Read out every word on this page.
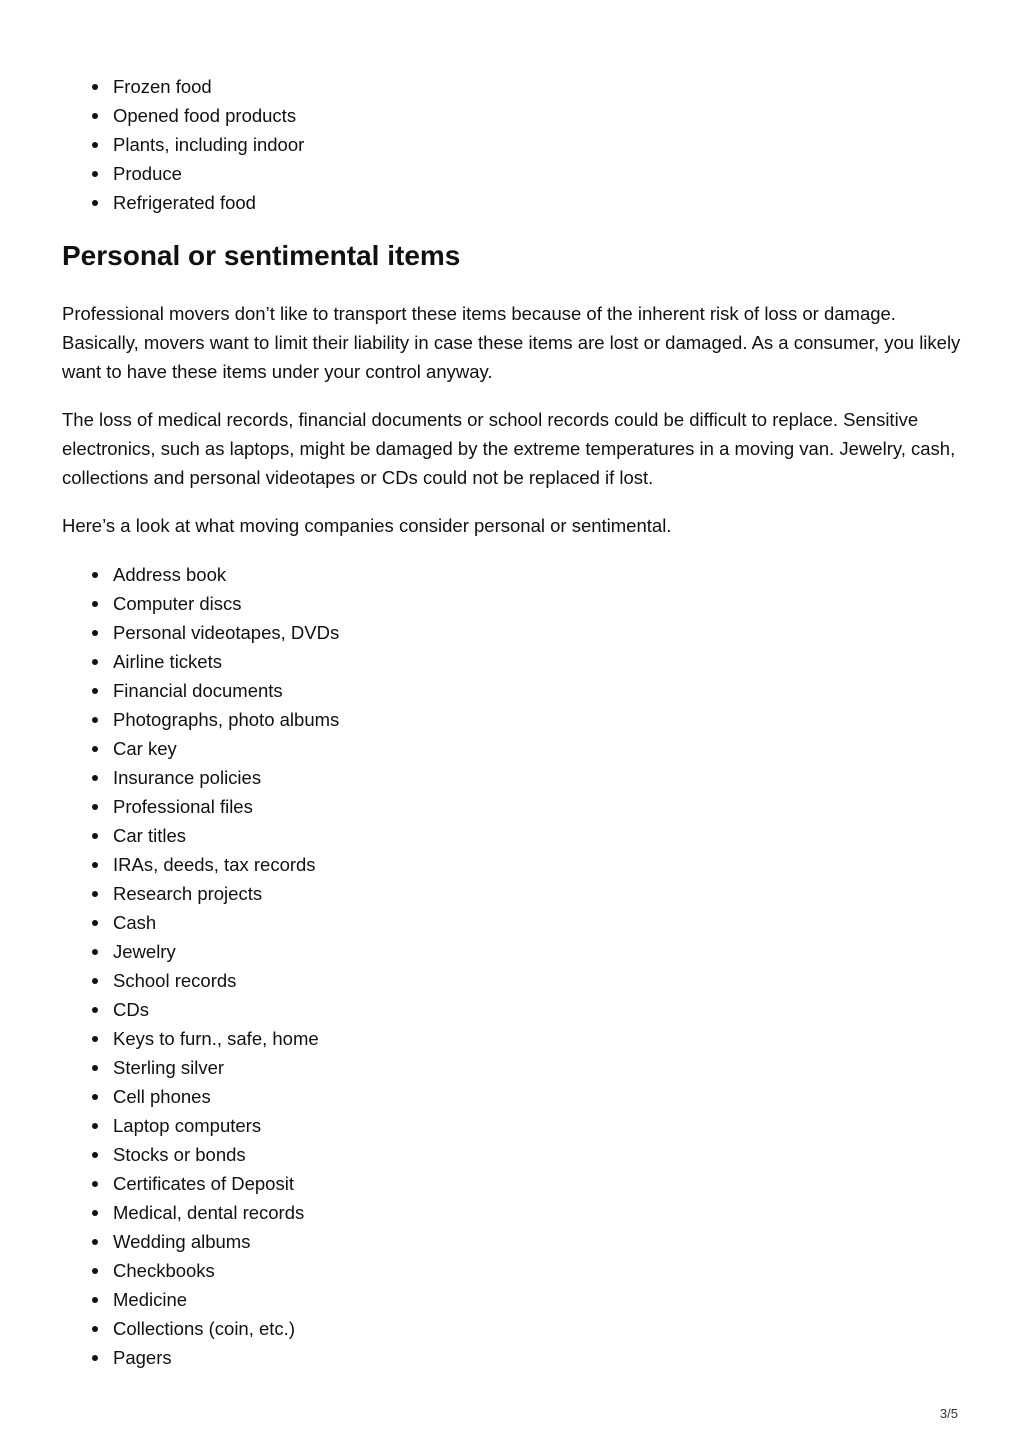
Frozen food
Opened food products
Plants, including indoor
Produce
Refrigerated food
Personal or sentimental items

Professional movers don’t like to transport these items because of the inherent risk of loss or damage. Basically, movers want to limit their liability in case these items are lost or damaged. As a consumer, you likely want to have these items under your control anyway.

The loss of medical records, financial documents or school records could be difficult to replace. Sensitive electronics, such as laptops, might be damaged by the extreme temperatures in a moving van. Jewelry, cash, collections and personal videotapes or CDs could not be replaced if lost.

Here’s a look at what moving companies consider personal or sentimental.

Address book
Computer discs
Personal videotapes, DVDs
Airline tickets
Financial documents
Photographs, photo albums
Car key
Insurance policies
Professional files
Car titles
IRAs, deeds, tax records
Research projects
Cash
Jewelry
School records
CDs
Keys to furn., safe, home
Sterling silver
Cell phones
Laptop computers
Stocks or bonds
Certificates of Deposit
Medical, dental records
Wedding albums
Checkbooks
Medicine
Collections (coin, etc.)
Pagers
3/5
